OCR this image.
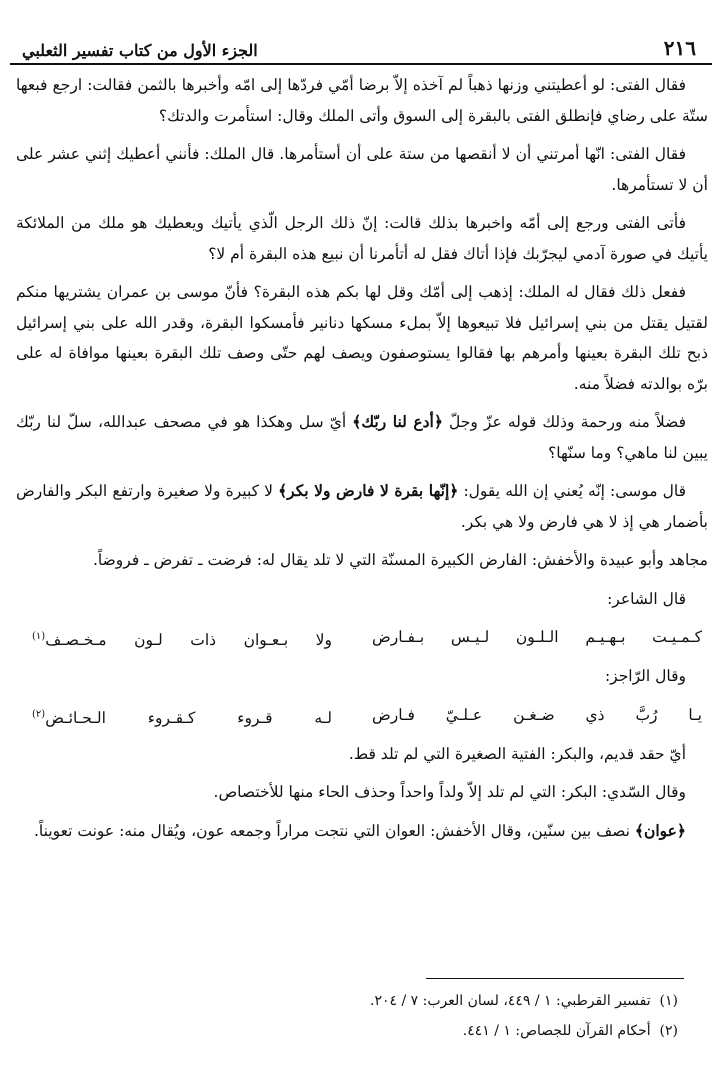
٢١٦
الجزء الأول من كتاب تفسير الثعلبي

فقال الفتى: لو أعطيتني وزنها ذهباً لم آخذه إلاّ برضا أمّي فردّها إلى امّه وأخبرها بالثمن فقالت: ارجع فبعها ستّة على رضاي فإنطلق الفتى بالبقرة إلى السوق وأتى الملك وقال: استأمرت والدتك؟

فقال الفتى: انّها أمرتني أن لا أنقصها من ستة على أن أستأمرها. قال الملك: فأنني أعطيك إثني عشر على أن لا تستأمرها.

فأتى الفتى ورجع إلى أمّه واخبرها بذلك قالت: إنّ ذلك الرجل الّذي يأتيك ويعطيك هو ملك من الملائكة يأتيك في صورة آدمي ليجرّبك فإذا أتاك فقل له أتأمرنا أن نبيع هذه البقرة أم لا؟

ففعل ذلك فقال له الملك: إذهب إلى أمّك وقل لها بكم هذه البقرة؟ فأنّ موسى بن عمران يشتريها منكم لقتيل يقتل من بني إسرائيل فلا تبيعوها إلاّ بملء مسكها دنانير فأمسكوا البقرة، وقدر الله على بني إسرائيل ذبح تلك البقرة بعينها وأمرهم بها فقالوا يستوصفون ويصف لهم حتّى وصف تلك البقرة بعينها موافاة له على برّه بوالدته فضلاً منه.

فضلاً منه ورحمة وذلك قوله عزّ وجلّ ﴿أدع لنا ربّك﴾ أيّ سل وهكذا هو في مصحف عبدالله، سلّ لنا ربّك يبين لنا ماهي؟ وما سنّها؟

قال موسى: إنّه يُعني إن الله يقول: ﴿إنّها بقرة لا فارض ولا بكر﴾ لا كبيرة ولا صغيرة وارتفع البكر والفارض بأضمار هي إذ لا هي فارض ولا هي بكر.

مجاهد وأبو عبيدة والأخفش: الفارض الكبيرة المسنّة التي لا تلد يقال له: فرضت ـ تفرض ـ فروضاً.

قال الشاعر:

كـمـيـت بـهـيـم الـلـون لـيـس بـفـارض
ولا بـعـوان ذات لـون مـخـصـف$^{(١)}$

وقال الرّاجز:

يـا رُبَّ ذي ضـغـن عـلـيّ فـارض
لـه قـروء كـقـروء الـحـائـض$^{(٢)}$

أيّ حقد قديم، والبكر: الفتية الصغيرة التي لم تلد قط.

وقال السّدي: البكر: التي لم تلد إلاّ ولداً واحداً وحذف الحاء منها للأختصاص.

﴿عوان﴾ نصف بين سنّين، وقال الأخفش: العوان التي نتجت مراراً وجمعه عون، ويُقال منه: عونت تعويناً.

(١)  تفسير القرطبي: ١ / ٤٤٩، لسان العرب: ٧ / ٢٠٤.

(٢)  أحكام القرآن للجصاص: ١ / ٤٤١.
